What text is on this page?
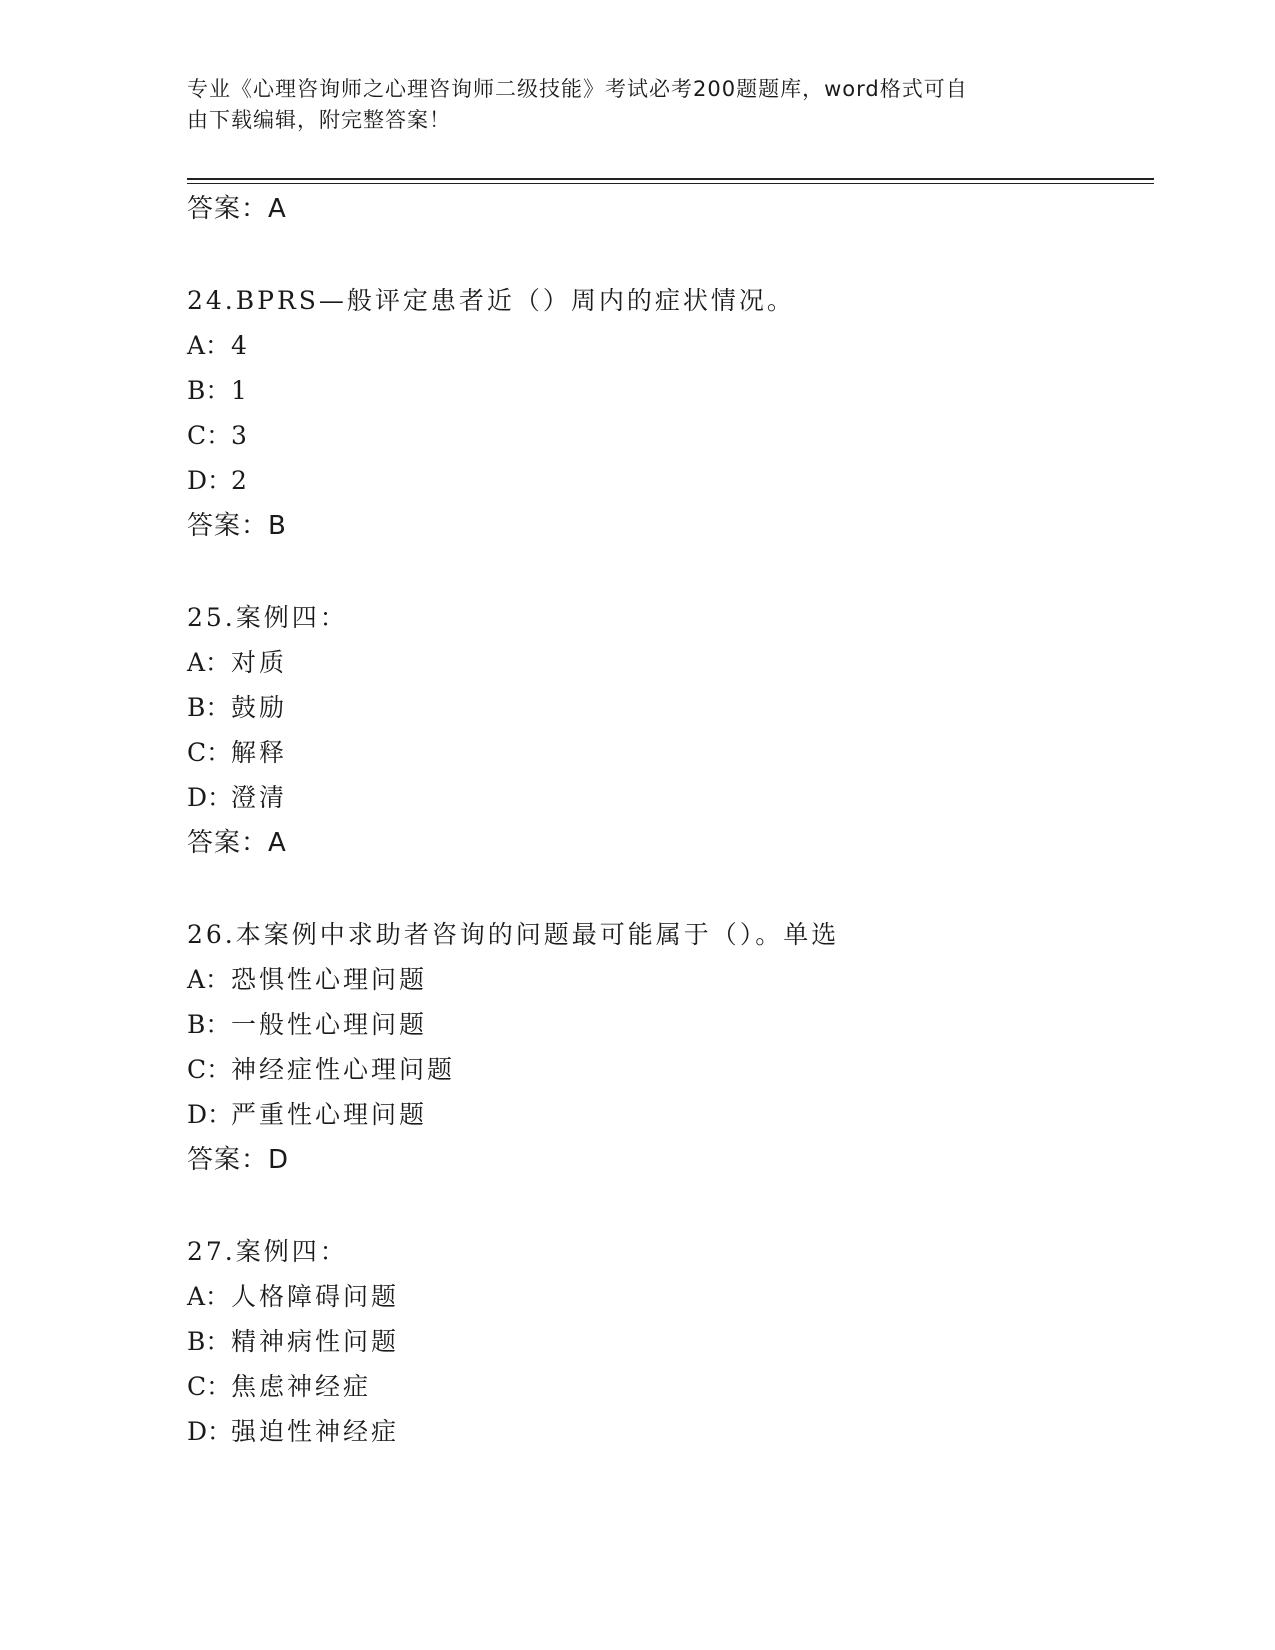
专业《心理咨询师之心理咨询师二级技能》考试必考200题题库，word格式可自
由下载编辑，附完整答案！
答案：A
24.BPRS—般评定患者近（）周内的症状情况。
A：4
B：1
C：3
D：2
答案：B
25.案例四：
A：对质
B：鼓励
C：解释
D：澄清
答案：A
26.本案例中求助者咨询的问题最可能属于（）。单选
A：恐惧性心理问题
B：一般性心理问题
C：神经症性心理问题
D：严重性心理问题
答案：D
27.案例四：
A：人格障碍问题
B：精神病性问题
C：焦虑神经症
D：强迫性神经症
